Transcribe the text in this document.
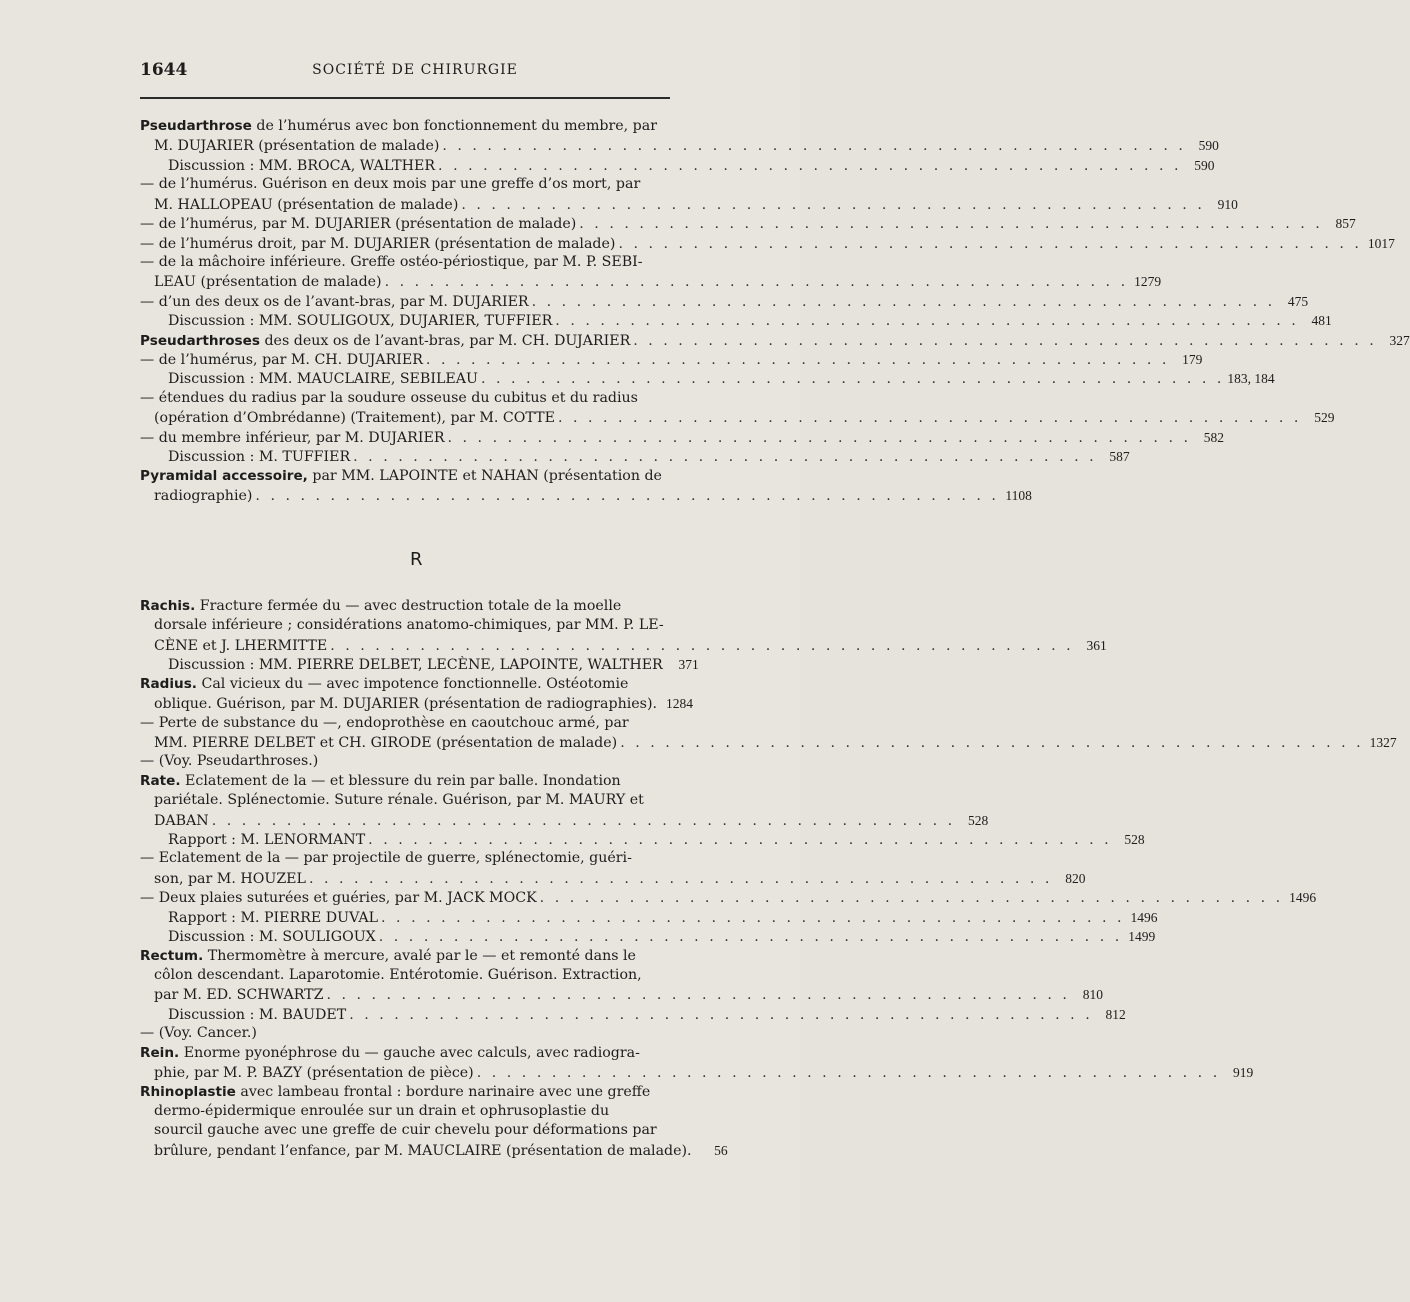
1644	SOCIÉTÉ DE CHIRURGIE
Pseudarthrose de l’humérus avec bon fonctionnement du membre, par
M. DUJARIER (présentation de malade) . . . . . . . . . . . . . . . . . . . . . . . . . . . . . . . . . . . . . . . . . . . . . . . . . . 590
Discussion : MM. BROCA, WALTHER . . . . . . . . . . . . . . . . . . . . . . . . . . . . . . . . . . . . . . . . . . . . . . . . . . 590
— de l’humérus. Guérison en deux mois par une greffe d’os mort, par
M. HALLOPEAU (présentation de malade) . . . . . . . . . . . . . . . . . . . . . . . . . . . . . . . . . . . . . . . . . . . . . . . . . . 910
— de l’humérus, par M. DUJARIER (présentation de malade) . . . . . . . . . . . . . . . . . . . . . . . . . . . . . . . . . . . . . . . . . . . . . . . . . . 857
— de l’humérus droit, par M. DUJARIER (présentation de malade) . . . . . . . . . . . . . . . . . . . . . . . . . . . . . . . . . . . . . . . . . . . . . . . . . . 1017
— de la mâchoire inférieure. Greffe ostéo-périostique, par M. P. SEBI-
LEAU (présentation de malade) . . . . . . . . . . . . . . . . . . . . . . . . . . . . . . . . . . . . . . . . . . . . . . . . . . 1279
— d’un des deux os de l’avant-bras, par M. DUJARIER . . . . . . . . . . . . . . . . . . . . . . . . . . . . . . . . . . . . . . . . . . . . . . . . . . 475
Discussion : MM. SOULIGOUX, DUJARIER, TUFFIER . . . . . . . . . . . . . . . . . . . . . . . . . . . . . . . . . . . . . . . . . . . . . . . . . . 481
Pseudarthroses des deux os de l’avant-bras, par M. CH. DUJARIER . . . . . . . . . . . . . . . . . . . . . . . . . . . . . . . . . . . . . . . . . . . . . . . . . . 327
— de l’humérus, par M. CH. DUJARIER . . . . . . . . . . . . . . . . . . . . . . . . . . . . . . . . . . . . . . . . . . . . . . . . . . 179
Discussion : MM. MAUCLAIRE, SEBILEAU . . . . . . . . . . . . . . . . . . . . . . . . . . . . . . . . . . . . . . . . . . . . . . . . . . 183, 184
— étendues du radius par la soudure osseuse du cubitus et du radius
(opération d’Ombrédanne) (Traitement), par M. COTTE . . . . . . . . . . . . . . . . . . . . . . . . . . . . . . . . . . . . . . . . . . . . . . . . . . 529
— du membre inférieur, par M. DUJARIER . . . . . . . . . . . . . . . . . . . . . . . . . . . . . . . . . . . . . . . . . . . . . . . . . . 582
Discussion : M. TUFFIER . . . . . . . . . . . . . . . . . . . . . . . . . . . . . . . . . . . . . . . . . . . . . . . . . . 587
Pyramidal accessoire, par MM. LAPOINTE et NAHAN (présentation de
radiographie) . . . . . . . . . . . . . . . . . . . . . . . . . . . . . . . . . . . . . . . . . . . . . . . . . . 1108
R
Rachis. Fracture fermée du — avec destruction totale de la moelle
dorsale inférieure ; considérations anatomo-chimiques, par MM. P. LE-
CÈNE et J. LHERMITTE . . . . . . . . . . . . . . . . . . . . . . . . . . . . . . . . . . . . . . . . . . . . . . . . . . 361
Discussion : MM. PIERRE DELBET, LECÈNE, LAPOINTE, WALTHER	371
Radius. Cal vicieux du — avec impotence fonctionnelle. Ostéotomie
oblique. Guérison, par M. DUJARIER (présentation de radiographies). 1284
— Perte de substance du —, endoprothèse en caoutchouc armé, par
MM. PIERRE DELBET et CH. GIRODE (présentation de malade) . . . . . . . . . . . . . . . . . . . . . . . . . . . . . . . . . . . . . . . . . . . . . . . . . . 1327
— (Voy. Pseudarthroses.)
Rate. Eclatement de la — et blessure du rein par balle. Inondation
pariétale. Splénectomie. Suture rénale. Guérison, par M. MAURY et
DABAN . . . . . . . . . . . . . . . . . . . . . . . . . . . . . . . . . . . . . . . . . . . . . . . . . . 528
Rapport : M. LENORMANT . . . . . . . . . . . . . . . . . . . . . . . . . . . . . . . . . . . . . . . . . . . . . . . . . . 528
— Eclatement de la — par projectile de guerre, splénectomie, guéri-
son, par M. HOUZEL . . . . . . . . . . . . . . . . . . . . . . . . . . . . . . . . . . . . . . . . . . . . . . . . . . 820
— Deux plaies suturées et guéries, par M. JACK MOCK . . . . . . . . . . . . . . . . . . . . . . . . . . . . . . . . . . . . . . . . . . . . . . . . . . 1496
Rapport : M. PIERRE DUVAL . . . . . . . . . . . . . . . . . . . . . . . . . . . . . . . . . . . . . . . . . . . . . . . . . . 1496
Discussion : M. SOULIGOUX . . . . . . . . . . . . . . . . . . . . . . . . . . . . . . . . . . . . . . . . . . . . . . . . . . 1499
Rectum. Thermomètre à mercure, avalé par le — et remonté dans le
côlon descendant. Laparotomie. Entérotomie. Guérison. Extraction,
par M. ED. SCHWARTZ . . . . . . . . . . . . . . . . . . . . . . . . . . . . . . . . . . . . . . . . . . . . . . . . . . 810
Discussion : M. BAUDET . . . . . . . . . . . . . . . . . . . . . . . . . . . . . . . . . . . . . . . . . . . . . . . . . . 812
— (Voy. Cancer.)
Rein. Enorme pyonéphrose du — gauche avec calculs, avec radiogra-
phie, par M. P. BAZY (présentation de pièce) . . . . . . . . . . . . . . . . . . . . . . . . . . . . . . . . . . . . . . . . . . . . . . . . . . 919
Rhinoplastie avec lambeau frontal : bordure narinaire avec une greffe
dermo-épidermique enroulée sur un drain et ophrusoplastie du
sourcil gauche avec une greffe de cuir chevelu pour déformations par
brûlure, pendant l’enfance, par M. MAUCLAIRE (présentation de malade).	56
